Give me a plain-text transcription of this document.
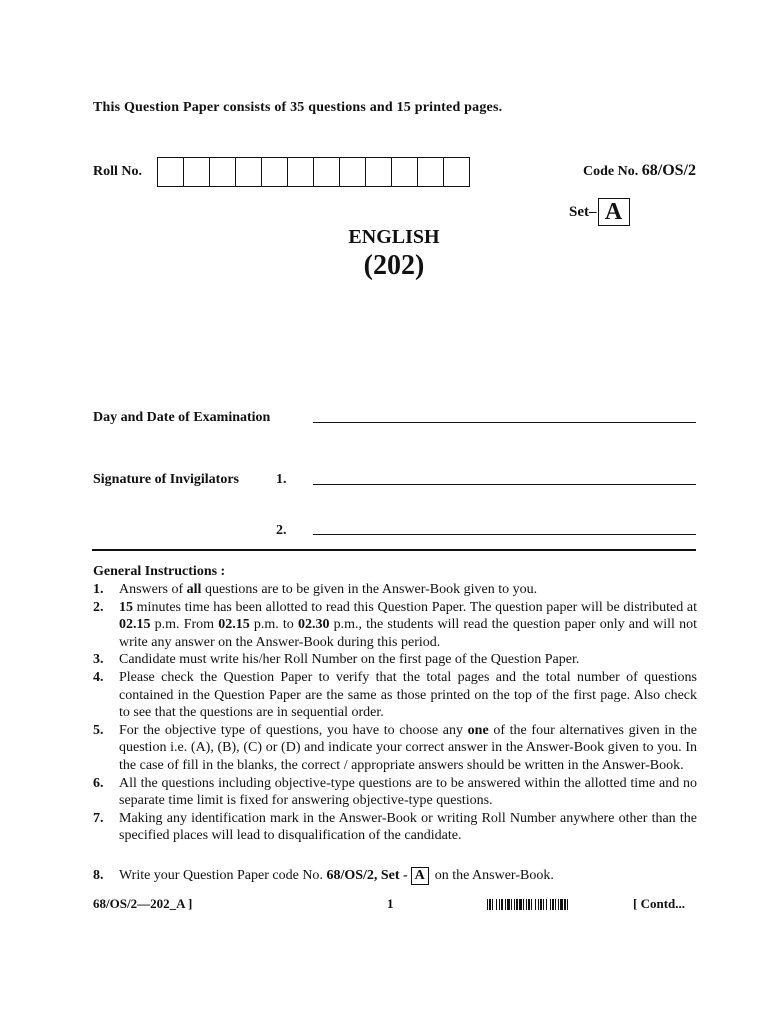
This Question Paper consists of 35 questions and 15 printed pages.
Roll No.	Code No. 68/OS/2
Set– A
ENGLISH
(202)
Day and Date of Examination
Signature of Invigilators	1.
2.
General Instructions :
1.	Answers of all questions are to be given in the Answer-Book given to you.
2.	15 minutes time has been allotted to read this Question Paper. The question paper will be distributed at 02.15 p.m. From 02.15 p.m. to 02.30 p.m., the students will read the question paper only and will not write any answer on the Answer-Book during this period.
3.	Candidate must write his/her Roll Number on the first page of the Question Paper.
4.	Please check the Question Paper to verify that the total pages and the total number of questions contained in the Question Paper are the same as those printed on the top of the first page. Also check to see that the questions are in sequential order.
5.	For the objective type of questions, you have to choose any one of the four alternatives given in the question i.e. (A), (B), (C) or (D) and indicate your correct answer in the Answer-Book given to you. In the case of fill in the blanks, the correct / appropriate answers should be written in the Answer-Book.
6.	All the questions including objective-type questions are to be answered within the allotted time and no separate time limit is fixed for answering objective-type questions.
7.	Making any identification mark in the Answer-Book or writing Roll Number anywhere other than the specified places will lead to disqualification of the candidate.
8.	Write your Question Paper code No. 68/OS/2, Set - A on the Answer-Book.
68/OS/2—202_A ]	1	[ Contd...
